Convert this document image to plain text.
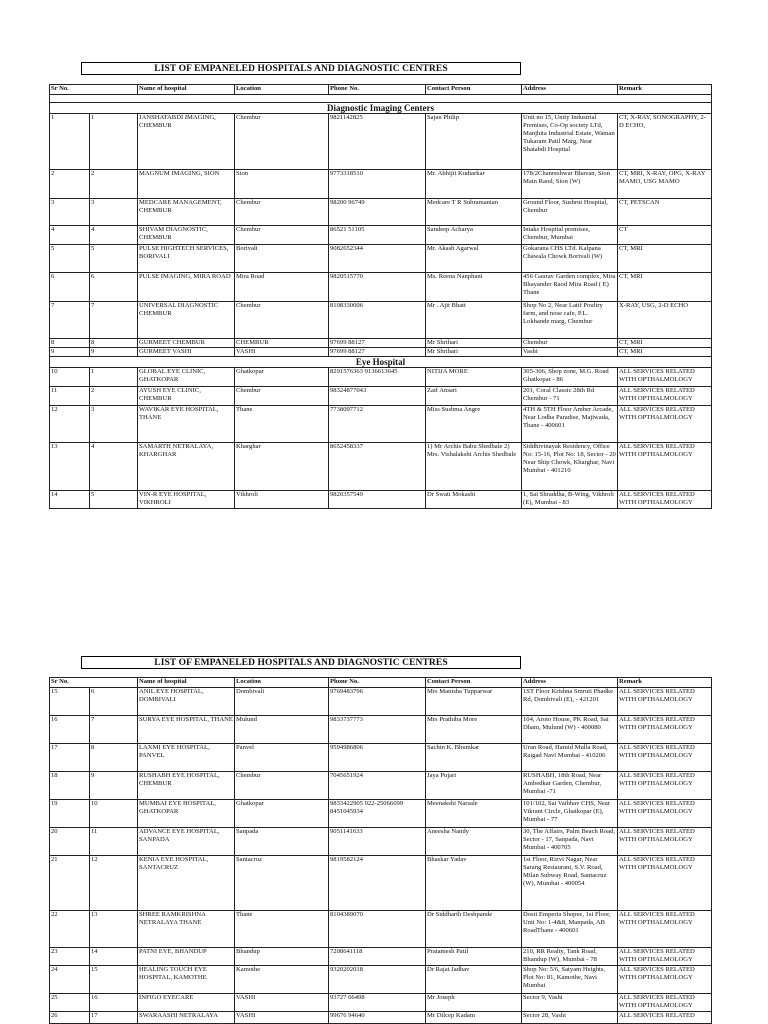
LIST OF EMPANELED HOSPITALS AND DIAGNOSTIC CENTRES
Sr No.		Name of hospital	Location	Phone No.	Contact Person	Address	Remark

Diagnostic Imaging Centers							
1	1	JANSHATABDI IMAGING, CHEMBUR	Chembur	9821142825	Sajan Philip	Unit no 15, Unity Industrial Premises, Co-Op society LTd, Manjhita Industrial Estate, Waman Tukaram Patil Marg, Near Shatabdi Hospital	CT, X-RAY, SONOGRAPHY, 2-D ECHO,
2	2	MAGNUM IMAGING, SION	Sion	9773318510	Mr. Abhijit Kudtarkar	178/2Chanreshwar Bhavan, Sion Main Raod, Sion (W)	CT, MRI, X-RAY, OPG, X-RAY MAMO, USG MAMO
3	3	MEDCARE MANAGEMENT, CHEMBUR	Chembur	98200 96749	Medcare T R Subramanian	Ground Floor, Sushrut Hospital, Chembur	CT, PETSCAN
4	4	SHIVAM DIAGNOSTIC, CHEMBUR	Chembur	86521 51105	Sandeep Acharya	Intaks Hospital premises, Chembur, Mumbai	CT
5	5	PULSE HIGHTECH SERVICES, BORIVALI	Borivali	9082652344	Mr. Akash Agarwal	Gokarana CHS LTd. Kalpana Chawala Chowk Borivali (W)	CT, MRI
6	6	PULSE IMAGING, MIRA ROAD	Mira Road	9820515770	Ms. Reena Nanphani	456 Gaurav Garden complex, Mira Bhayander Raod Mira Road ( E) Thane	CT, MRI
7	7	UNIVERSAL DIAGNOSTIC CHEMBUR	Chembur	8108330006	Mr . Ajit Bhatt	Shop No 2, Near Latif Poultry farm, and nose cafe, P.L. Lokhande marg, Chembur	X-RAY, USG, 2-D ECHO
8	8	GURMEET CHEMBUR	CHEMBUR	97699 88127	Mr Shrihari	Chembur	CT, MRI
9	9	GURMEET VASHI	VASHI	97699 88127	Mr Shrihari	Vashi	CT, MRI
Eye Hospital							
10	1	GLOBAL EYE CLINIC, GHATKOPAR	Ghatkopar	8291576363 9136613645	NITIJA MORE	305-306, Shop zone, M.G. Road Ghatkopar - 86	ALL SERVICES RELATED WITH OPTHALMOLOGY
11	2	AYUSH EYE CLINIC, CHEMBUR	Chembur	98324877043	Zaif Ansari	201, Coral Classic 28th Rd Chembur - 71	ALL SERVICES RELATED WITH OPTHALMOLOGY
12	3	WAVIKAR EYE HOSPITAL, THANE	Thane	7738097712	Miss Sushma Angre	4TH & 5TH Floor Amber Arcade, Near Lodha Paradise, Majiwada, Thane - 400601	ALL SERVICES RELATED WITH OPTHALMOLOGY
13	4	SAMARTH NETRALAYA, KHARGHAR	Kharghar	8652458337	1) Mr Archis Babu Shedbale 2) Mrs. Vishalakshi Archis Shedbale	Siddhivinayak Residency, Office No: 15-16, Plot No: 18, Sector - 20 Near Ship Chowk, Kharghar, Navi Mumbai - 401210	ALL SERVICES RELATED WITH OPTHALMOLOGY
14	5	VIN-R EYE HOSPITAL, VIKHROLI	Vikhroli	9820357549	Dr Swati Mokashi	1, Sai Shraddha, B-Wing, Vikhroli (E), Mumbai - 83	ALL SERVICES RELATED WITH OPTHALMOLOGY
LIST OF EMPANELED HOSPITALS AND DIAGNOSTIC CENTRES
Sr No.		Name of hospital	Location	Phone No.	Contact Person	Address	Remark
15	6	ANIL EYE HOSPITAL, DOMBIVALI	Dombivali	9769483796	Mrs Manisha Tupparwar	1ST Floor Krishna Smruti Phadke Rd, Dombivali (E), - 421201	ALL SERVICES RELATED WITH OPTHALMOLOGY
16	7	SURYA EYE HOSPITAL, THANE	Mulund	9833737773	Mrs Prathiba More	104, Aroto House, PK Road, Sai Dham, Mulund (W) - 400080	ALL SERVICES RELATED WITH OPTHALMOLOGY
17	8	LAXMI EYE HOSPITAL, PANVEL	Panvel	9594986806	Sachin K. Bhumkar	Uran Road, Hamid Mulla Road, Raigad Navi Mumbai - 410206	ALL SERVICES RELATED WITH OPTHALMOLOGY
18	9	RUSHABH EYE HOSPITAL, CHEMBUR	Chembur	7045651924	Jaya Pujari	RUSHABH, 18th Road, Near Ambedkar Garden, Chembur, Mumbai -71	ALL SERVICES RELATED WITH OPTHALMOLOGY
19	10	MUMBAI EYE HOSPITAL, GHATKOPAR	Ghatkopar	9833422905 022-25066699 8451045934	Meenakshi Narsale	101/102, Sai Vaibhav CHS, Near Vikrant Circle, Ghatkopar (E), Mumbai - 77	ALL SERVICES RELATED WITH OPTHALMOLOGY
20	11	ADVANCE EYE HOSPITAL, SANPADA	Sanpada	9051141633	Aneesha Nandy	30, The Affairs, Palm Beach Road, Sector - 17, Sanpada, Navi Mumbai - 400705	ALL SERVICES RELATED WITH OPTHALMOLOGY
21	12	KENIA EYE HOSPITAL, SANTACRUZ	Santacruz	9819582124	Bhaskar Yadav	1st Floor, Rizvi Nagar, Near Sarang Restaurant, S.V. Road, Milan Subway Road, Santacruz (W), Mumbai - 400054	ALL SERVICES RELATED WITH OPTHALMOLOGY
22	13	SHREE RAMKRISHNA NETRALAYA THANE	Thane	8104389070	Dr Siddharth Deshpande	Dosti Emperia Shopee, 1st Floor, Unit No: 1-4&8, Manpada, AB RoadThane - 400601	ALL SERVICES RELATED WITH OPTHALMOLOGY
23	14	PATNI EYE, BHANDUP	Bhandup	7208641118	Pratamesh Patil	210, RR Realty, Tank Road, Bhandup (W), Mumbai - 78	ALL SERVICES RELATED WITH OPTHALMOLOGY
24	15	HEALING TOUCH EYE HOSPITAL, KAMOTHE	Kamothe	9320202018	Dr Rajat Jadhav	Shop No: 5/6, Satyam Heights, Plot No: 81, Kamothe, Navi Mumbai	ALL SERVICES RELATED WITH OPTHALMOLOGY
25	16	INFIGO EYECARE	VASHI	93727 66498	Mr Joseph	Sector 9, Vashi	ALL SERVICES RELATED WITH OPTHALMOLOGY
26	17	SWARAASHI NETRALAYA	VASHI	99676 94640	Mr Dilcep Kadam	Sector 28, Vashi	ALL SERVICES RELATED
